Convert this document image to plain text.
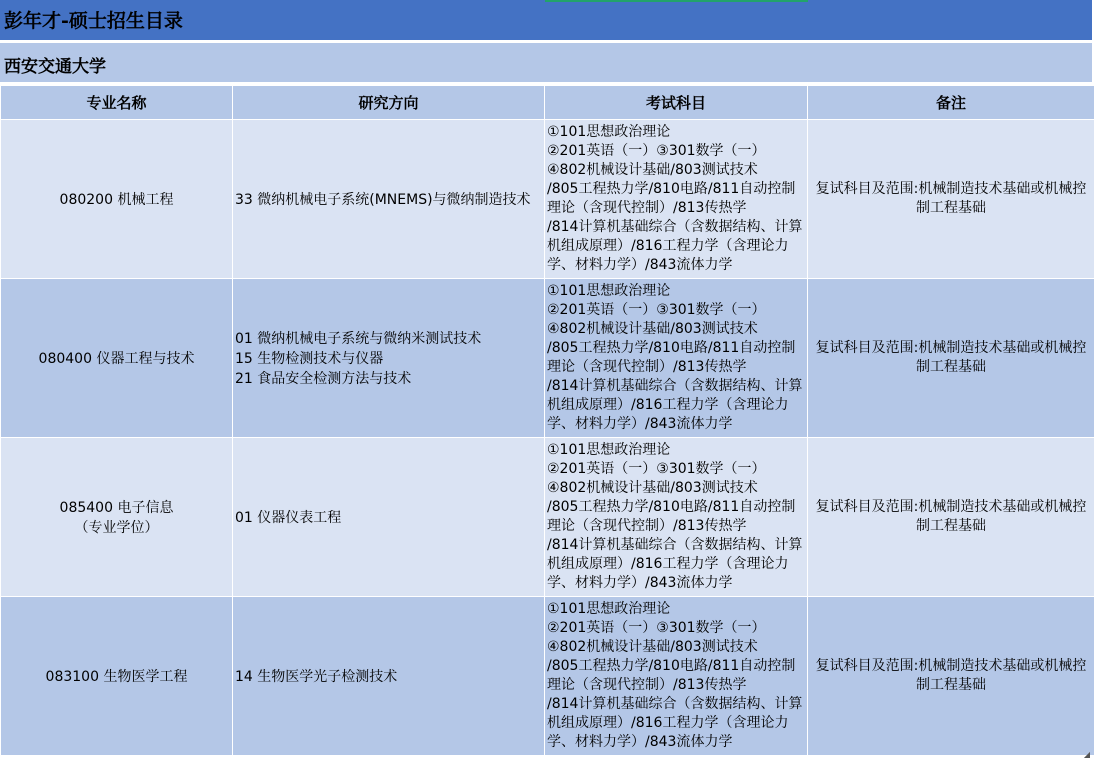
彭年才-硕士招生目录
西安交通大学
专业名称	研究方向	考试科目	备注

080200 机械工程	33 微纳机械电子系统(MNEMS)与微纳制造技术	①101思想政治理论
②201英语（一）③301数学（一）
④802机械设计基础/803测试技术
/805工程热力学/810电路/811自动控制理论（含现代控制）/813传热学
/814计算机基础综合（含数据结构、计算机组成原理）/816工程力学（含理论力学、材料力学）/843流体力学	复试科目及范围:机械制造技术基础或机械控制工程基础

080400 仪器工程与技术	01 微纳机械电子系统与微纳米测试技术
15 生物检测技术与仪器
21 食品安全检测方法与技术	①101思想政治理论
②201英语（一）③301数学（一）
④802机械设计基础/803测试技术
/805工程热力学/810电路/811自动控制理论（含现代控制）/813传热学
/814计算机基础综合（含数据结构、计算机组成原理）/816工程力学（含理论力学、材料力学）/843流体力学	复试科目及范围:机械制造技术基础或机械控制工程基础

085400 电子信息
（专业学位）	01 仪器仪表工程	①101思想政治理论
②201英语（一）③301数学（一）
④802机械设计基础/803测试技术
/805工程热力学/810电路/811自动控制理论（含现代控制）/813传热学
/814计算机基础综合（含数据结构、计算机组成原理）/816工程力学（含理论力学、材料力学）/843流体力学	复试科目及范围:机械制造技术基础或机械控制工程基础

083100 生物医学工程	14 生物医学光子检测技术	①101思想政治理论
②201英语（一）③301数学（一）
④802机械设计基础/803测试技术
/805工程热力学/810电路/811自动控制理论（含现代控制）/813传热学
/814计算机基础综合（含数据结构、计算机组成原理）/816工程力学（含理论力学、材料力学）/843流体力学	复试科目及范围:机械制造技术基础或机械控制工程基础
◢
